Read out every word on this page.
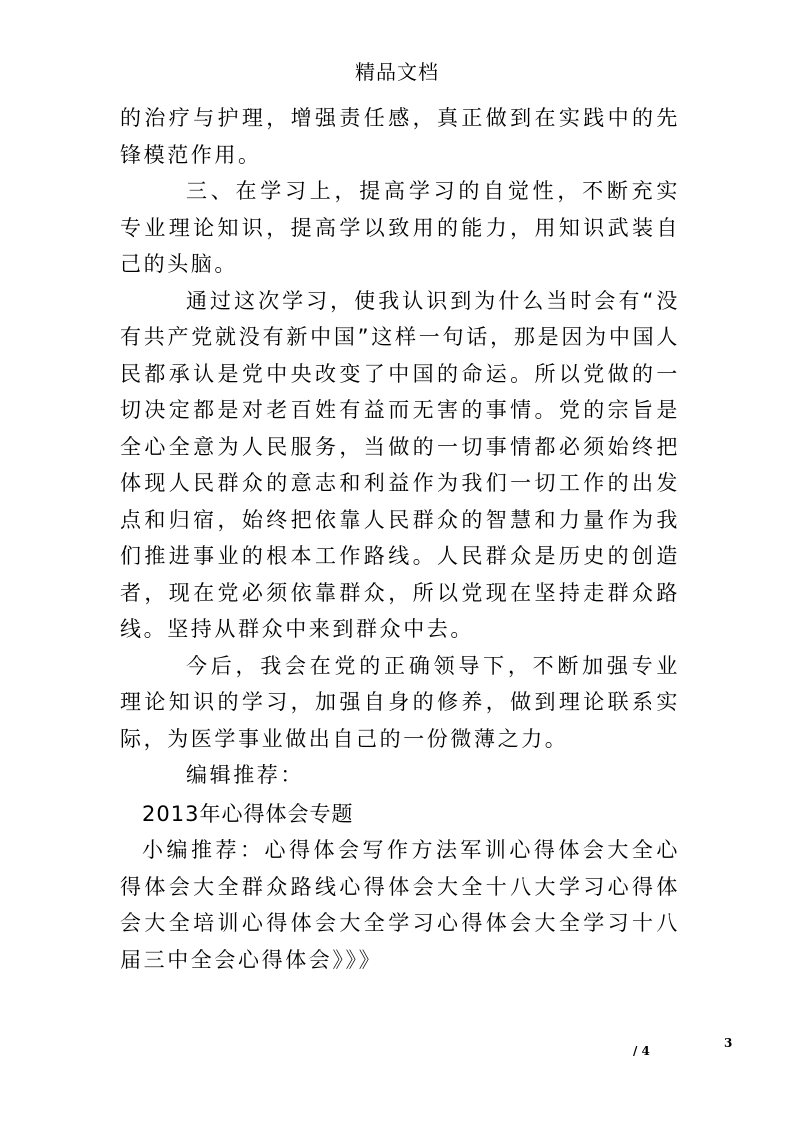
精品文档

的治疗与护理，增强责任感，真正做到在实践中的先锋模范作用。

三、在学习上，提高学习的自觉性，不断充实专业理论知识，提高学以致用的能力，用知识武装自己的头脑。

通过这次学习，使我认识到为什么当时会有“没有共产党就没有新中国”这样一句话，那是因为中国人民都承认是党中央改变了中国的命运。所以党做的一切决定都是对老百姓有益而无害的事情。党的宗旨是全心全意为人民服务，当做的一切事情都必须始终把体现人民群众的意志和利益作为我们一切工作的出发点和归宿，始终把依靠人民群众的智慧和力量作为我们推进事业的根本工作路线。人民群众是历史的创造者，现在党必须依靠群众，所以党现在坚持走群众路线。坚持从群众中来到群众中去。

今后，我会在党的正确领导下，不断加强专业理论知识的学习，加强自身的修养，做到理论联系实际，为医学事业做出自己的一份微薄之力。

编辑推荐：

2013年心得体会专题

小编推荐：心得体会写作方法军训心得体会大全心得体会大全群众路线心得体会大全十八大学习心得体会大全培训心得体会大全学习心得体会大全学习十八届三中全会心得体会》》》

3
/ 4
